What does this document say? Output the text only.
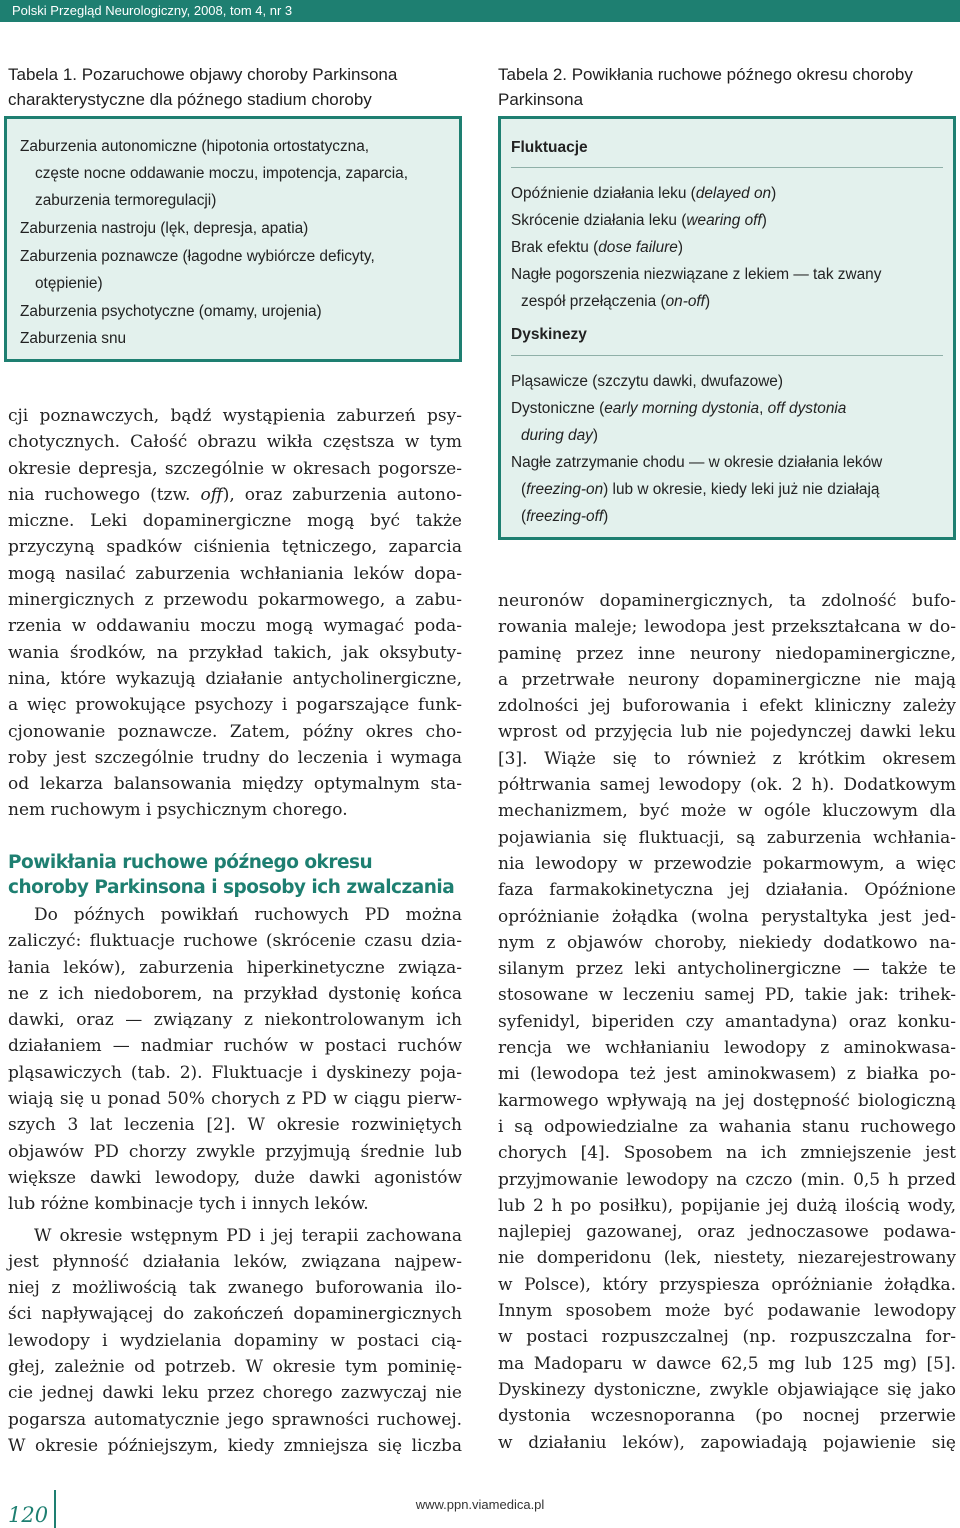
Polski Przegląd Neurologiczny, 2008, tom 4, nr 3
Tabela 1. Pozaruchowe objawy choroby Parkinsona
charakterystyczne dla późnego stadium choroby
Zaburzenia autonomiczne (hipotonia ortostatyczna,
częste nocne oddawanie moczu, impotencja, zaparcia,
zaburzenia termoregulacji)
Zaburzenia nastroju (lęk, depresja, apatia)
Zaburzenia poznawcze (łagodne wybiórcze deficyty,
otępienie)
Zaburzenia psychotyczne (omamy, urojenia)
Zaburzenia snu
Tabela 2. Powikłania ruchowe późnego okresu choroby
Parkinsona
Fluktuacje
Opóźnienie działania leku (delayed on)
Skrócenie działania leku (wearing off)
Brak efektu (dose failure)
Nagłe pogorszenia niezwiązane z lekiem — tak zwany
zespół przełączenia (on-off)
Dyskinezy
Pląsawicze (szczytu dawki, dwufazowe)
Dystoniczne (early morning dystonia, off dystonia
during day)
Nagłe zatrzymanie chodu — w okresie działania leków
(freezing-on) lub w okresie, kiedy leki już nie działają
(freezing-off)
cji poznawczych, bądź wystąpienia zaburzeń psy-
chotycznych. Całość obrazu wikła częstsza w tym
okresie depresja, szczególnie w okresach pogorsze-
nia ruchowego (tzw. off), oraz zaburzenia autono-
miczne. Leki dopaminergiczne mogą być także
przyczyną spadków ciśnienia tętniczego, zaparcia
mogą nasilać zaburzenia wchłaniania leków dopa-
minergicznych z przewodu pokarmowego, a zabu-
rzenia w oddawaniu moczu mogą wymagać poda-
wania środków, na przykład takich, jak oksybuty-
nina, które wykazują działanie antycholinergiczne,
a więc prowokujące psychozy i pogarszające funk-
cjonowanie poznawcze. Zatem, późny okres cho-
roby jest szczególnie trudny do leczenia i wymaga
od lekarza balansowania między optymalnym sta-
nem ruchowym i psychicznym chorego.
Powikłania ruchowe późnego okresu
choroby Parkinsona i sposoby ich zwalczania
Do późnych powikłań ruchowych PD można
zaliczyć: fluktuacje ruchowe (skrócenie czasu dzia-
łania leków), zaburzenia hiperkinetyczne związa-
ne z ich niedoborem, na przykład dystonię końca
dawki, oraz — związany z niekontrolowanym ich
działaniem — nadmiar ruchów w postaci ruchów
pląsawiczych (tab. 2). Fluktuacje i dyskinezy poja-
wiają się u ponad 50% chorych z PD w ciągu pierw-
szych 3 lat leczenia [2]. W okresie rozwiniętych
objawów PD chorzy zwykle przyjmują średnie lub
większe dawki lewodopy, duże dawki agonistów
lub różne kombinacje tych i innych leków.
W okresie wstępnym PD i jej terapii zachowana
jest płynność działania leków, związana najpew-
niej z możliwością tak zwanego buforowania ilo-
ści napływającej do zakończeń dopaminergicznych
lewodopy i wydzielania dopaminy w postaci cią-
głej, zależnie od potrzeb. W okresie tym pominię-
cie jednej dawki leku przez chorego zazwyczaj nie
pogarsza automatycznie jego sprawności ruchowej.
W okresie późniejszym, kiedy zmniejsza się liczba
neuronów dopaminergicznych, ta zdolność bufo-
rowania maleje; lewodopa jest przekształcana w do-
paminę przez inne neurony niedopaminergiczne,
a przetrwałe neurony dopaminergiczne nie mają
zdolności jej buforowania i efekt kliniczny zależy
wprost od przyjęcia lub nie pojedynczej dawki leku
[3]. Wiąże się to również z krótkim okresem
półtrwania samej lewodopy (ok. 2 h). Dodatkowym
mechanizmem, być może w ogóle kluczowym dla
pojawiania się fluktuacji, są zaburzenia wchłania-
nia lewodopy w przewodzie pokarmowym, a więc
faza farmakokinetyczna jej działania. Opóźnione
opróżnianie żołądka (wolna perystaltyka jest jed-
nym z objawów choroby, niekiedy dodatkowo na-
silanym przez leki antycholinergiczne — także te
stosowane w leczeniu samej PD, takie jak: trihek-
syfenidyl, biperiden czy amantadyna) oraz konku-
rencja we wchłanianiu lewodopy z aminokwasa-
mi (lewodopa też jest aminokwasem) z białka po-
karmowego wpływają na jej dostępność biologiczną
i są odpowiedzialne za wahania stanu ruchowego
chorych [4]. Sposobem na ich zmniejszenie jest
przyjmowanie lewodopy na czczo (min. 0,5 h przed
lub 2 h po posiłku), popijanie jej dużą ilością wody,
najlepiej gazowanej, oraz jednoczasowe podawa-
nie domperidonu (lek, niestety, niezarejestrowany
w Polsce), który przyspiesza opróżnianie żołądka.
Innym sposobem może być podawanie lewodopy
w postaci rozpuszczalnej (np. rozpuszczalna for-
ma Madoparu w dawce 62,5 mg lub 125 mg) [5].
Dyskinezy dystoniczne, zwykle objawiające się jako
dystonia wczesnoporanna (po nocnej przerwie
w działaniu leków), zapowiadają pojawienie się
120	www.ppn.viamedica.pl
